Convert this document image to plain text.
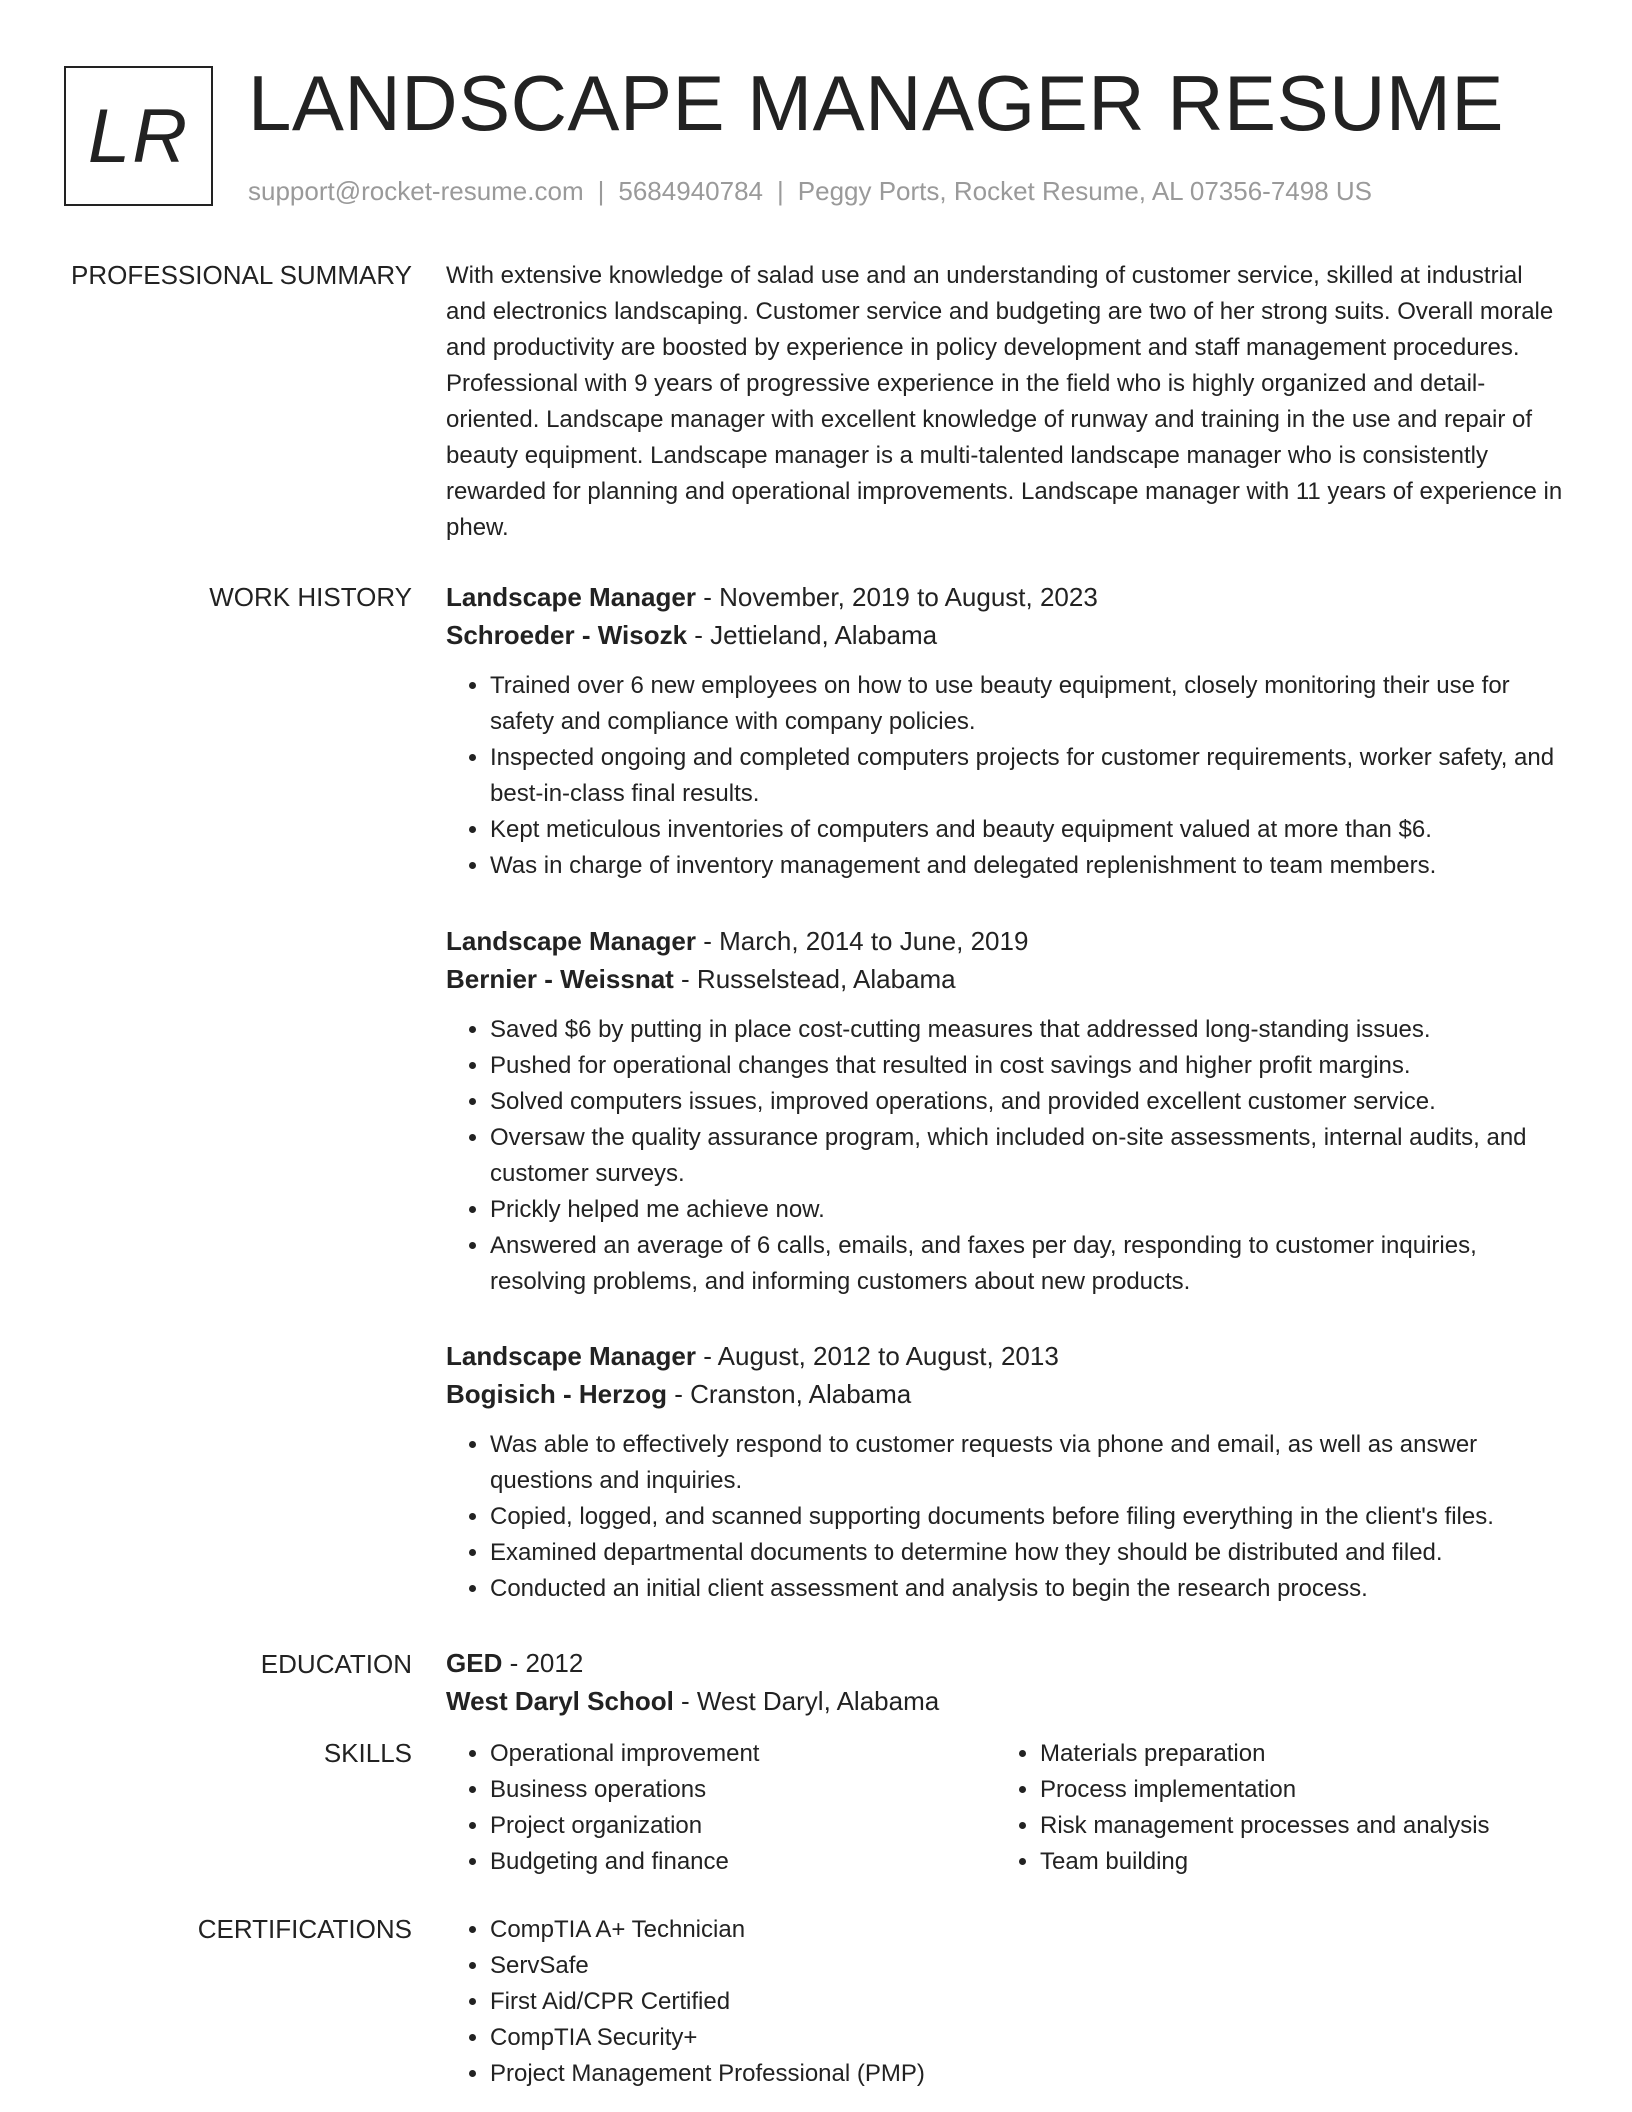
LR LANDSCAPE MANAGER RESUME
support@rocket-resume.com | 5684940784 | Peggy Ports, Rocket Resume, AL 07356-7498 US
PROFESSIONAL SUMMARY With extensive knowledge of salad use and an understanding of customer service, skilled at industrial and electronics landscaping. Customer service and budgeting are two of her strong suits. Overall morale and productivity are boosted by experience in policy development and staff management procedures. Professional with 9 years of progressive experience in the field who is highly organized and detail-oriented. Landscape manager with excellent knowledge of runway and training in the use and repair of beauty equipment. Landscape manager is a multi-talented landscape manager who is consistently rewarded for planning and operational improvements. Landscape manager with 11 years of experience in phew.

WORK HISTORY Landscape Manager - November, 2019 to August, 2023
Schroeder - Wisozk - Jettieland, Alabama
• Trained over 6 new employees on how to use beauty equipment, closely monitoring their use for safety and compliance with company policies.
• Inspected ongoing and completed computers projects for customer requirements, worker safety, and best-in-class final results.
• Kept meticulous inventories of computers and beauty equipment valued at more than $6.
• Was in charge of inventory management and delegated replenishment to team members.
Landscape Manager - March, 2014 to June, 2019
Bernier - Weissnat - Russelstead, Alabama
• Saved $6 by putting in place cost-cutting measures that addressed long-standing issues.
• Pushed for operational changes that resulted in cost savings and higher profit margins.
• Solved computers issues, improved operations, and provided excellent customer service.
• Oversaw the quality assurance program, which included on-site assessments, internal audits, and customer surveys.
• Prickly helped me achieve now.
• Answered an average of 6 calls, emails, and faxes per day, responding to customer inquiries, resolving problems, and informing customers about new products.
Landscape Manager - August, 2012 to August, 2013
Bogisich - Herzog - Cranston, Alabama
• Was able to effectively respond to customer requests via phone and email, as well as answer questions and inquiries.
• Copied, logged, and scanned supporting documents before filing everything in the client's files.
• Examined departmental documents to determine how they should be distributed and filed.
• Conducted an initial client assessment and analysis to begin the research process.
EDUCATION GED - 2012
West Daryl School - West Daryl, Alabama
SKILLS	• Operational improvement
• Business operations
• Project organization
• Budgeting and finance
• Materials preparation
• Process implementation
• Risk management processes and analysis
• Team building
CERTIFICATIONS	• CompTIA A+ Technician
• ServSafe
• First Aid/CPR Certified
• CompTIA Security+
• Project Management Professional (PMP)
